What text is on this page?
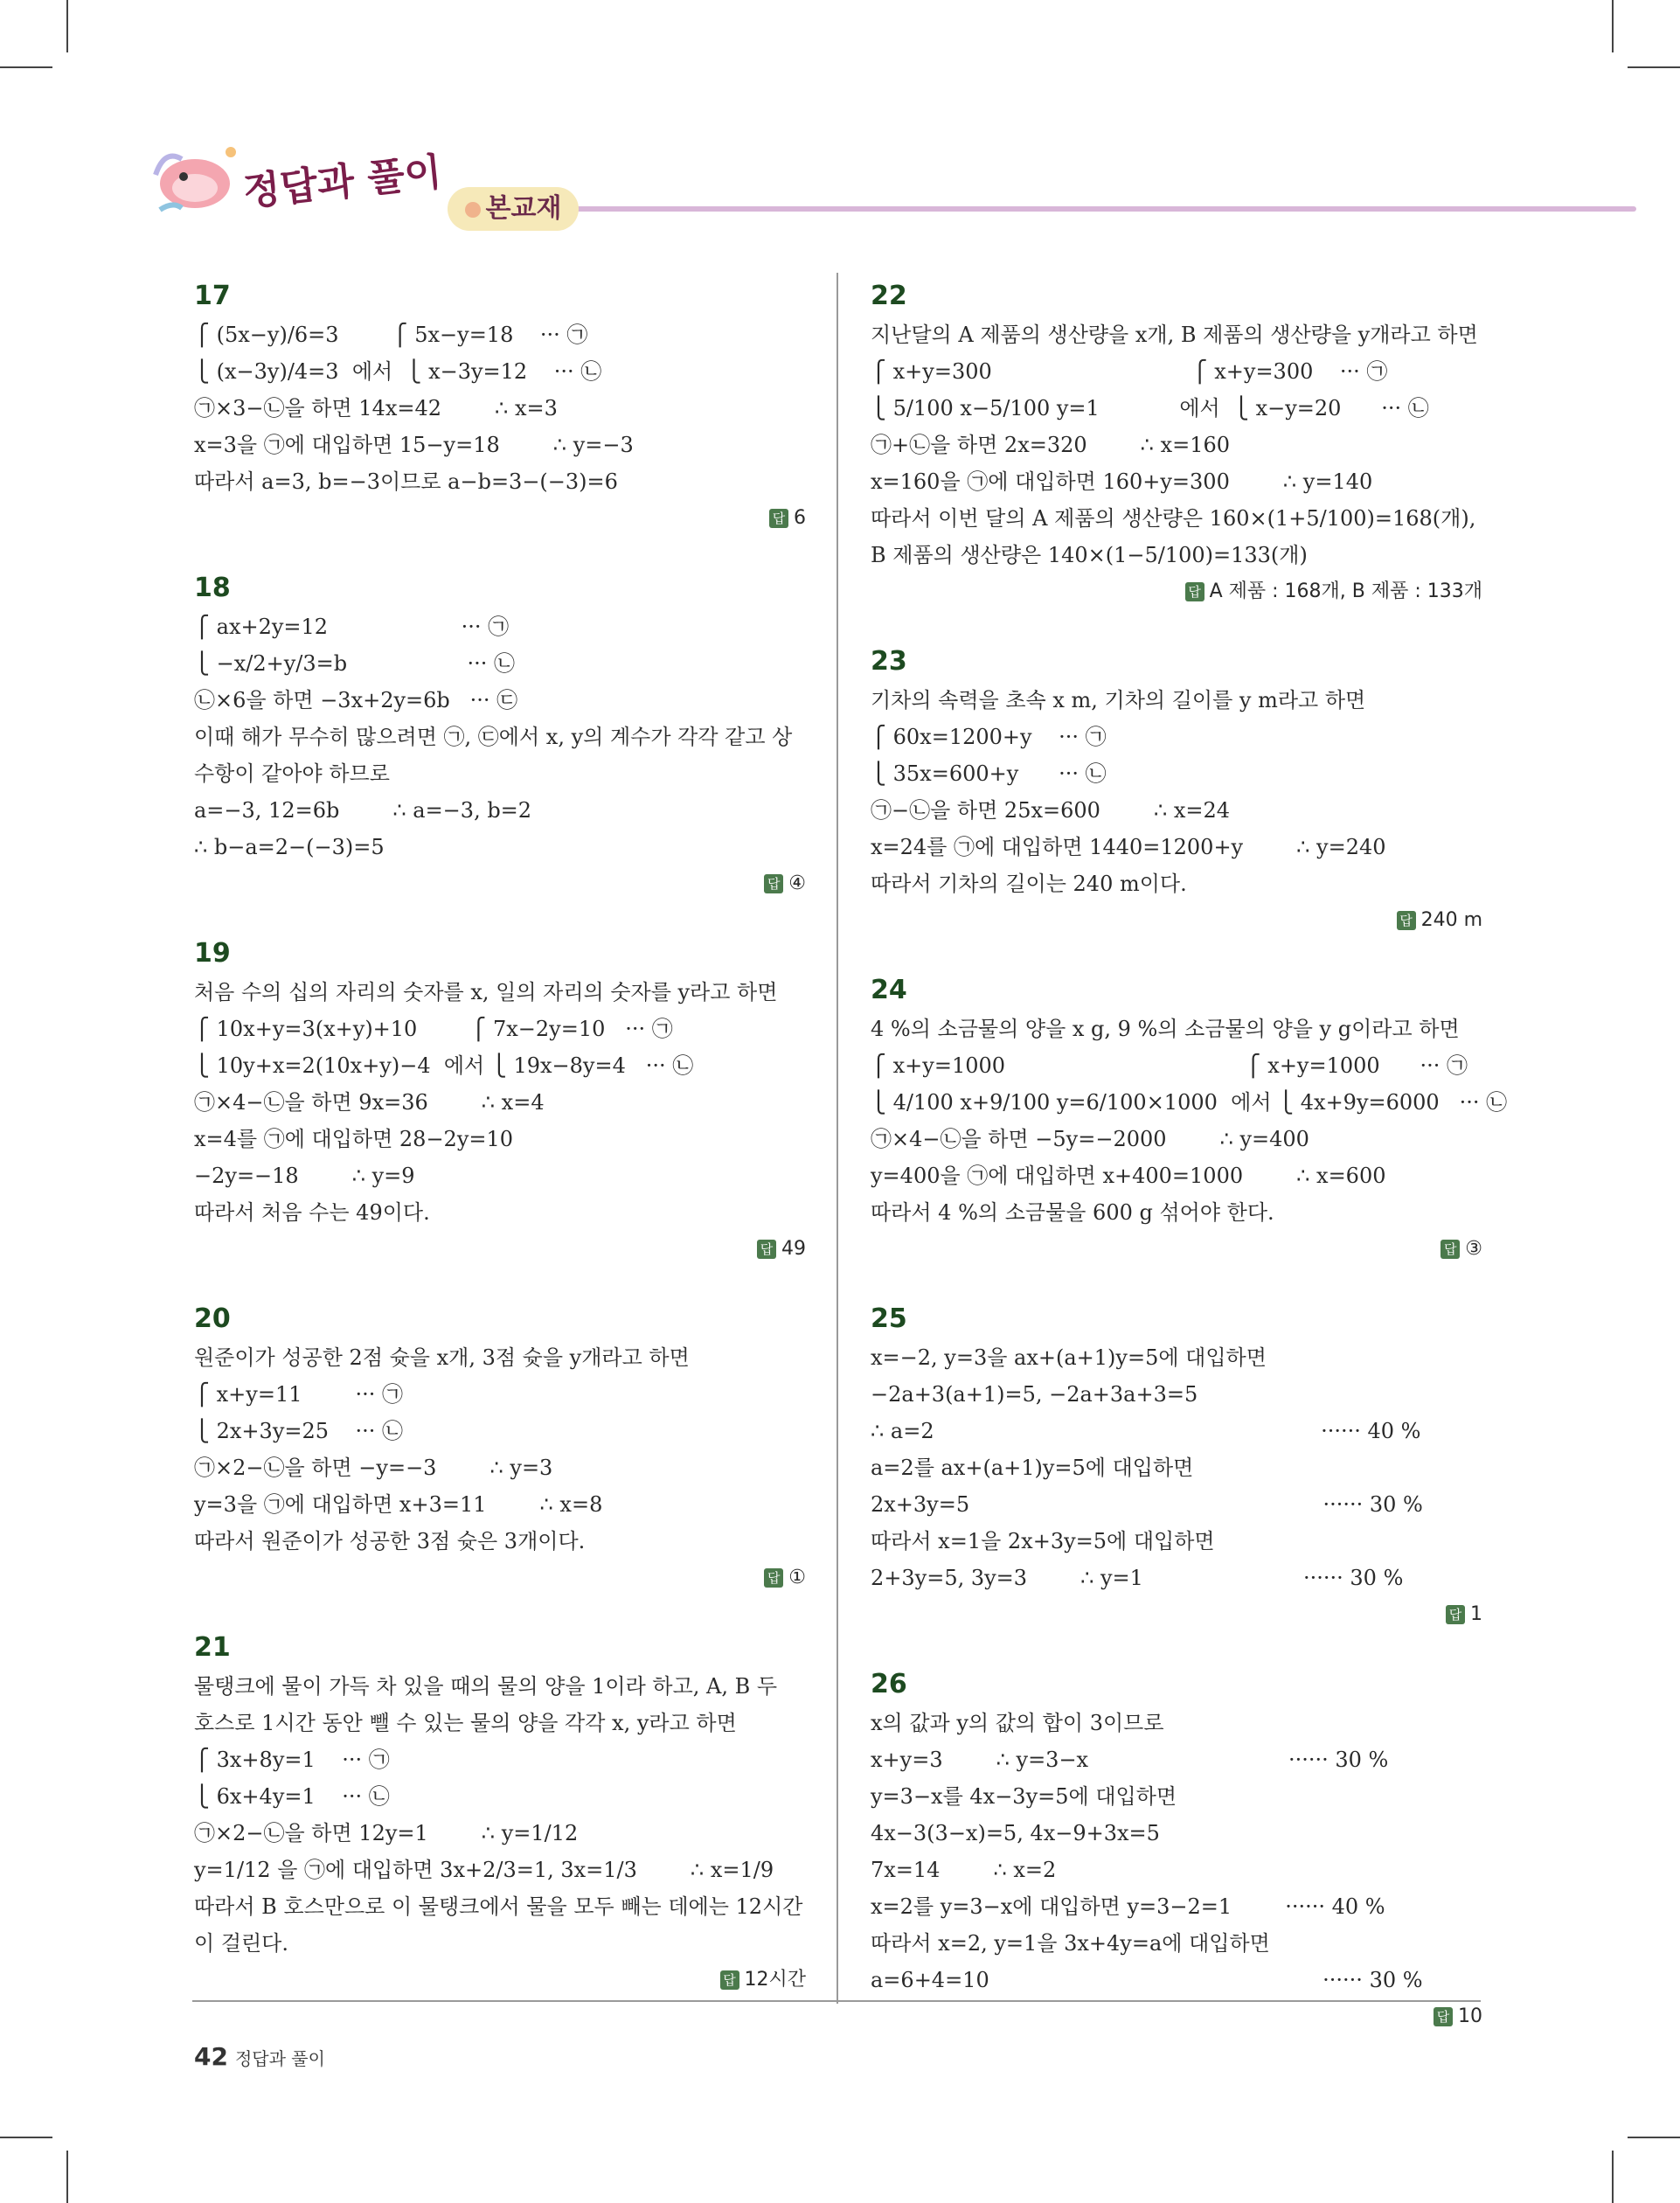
정답과 풀이	본교재
17
⎧ (5x−y)/6=3        ⎧ 5x−y=18    ··· ㉠
⎩ (x−3y)/4=3  에서  ⎩ x−3y=12    ··· ㉡
㉠×3−㉡을 하면 14x=42        ∴ x=3
x=3을 ㉠에 대입하면 15−y=18        ∴ y=−3
따라서 a=3, b=−3이므로 a−b=3−(−3)=6
답 6
18
⎧ ax+2y=12                    ··· ㉠
⎩ −x/2+y/3=b                  ··· ㉡
㉡×6을 하면 −3x+2y=6b   ··· ㉢
이때 해가 무수히 많으려면 ㉠, ㉢에서 x, y의 계수가 각각 같고 상
수항이 같아야 하므로
a=−3, 12=6b        ∴ a=−3, b=2
∴ b−a=2−(−3)=5
답 ④
19
처음 수의 십의 자리의 숫자를 x, 일의 자리의 숫자를 y라고 하면
⎧ 10x+y=3(x+y)+10        ⎧ 7x−2y=10   ··· ㉠
⎩ 10y+x=2(10x+y)−4  에서 ⎩ 19x−8y=4   ··· ㉡
㉠×4−㉡을 하면 9x=36        ∴ x=4
x=4를 ㉠에 대입하면 28−2y=10
−2y=−18        ∴ y=9
따라서 처음 수는 49이다.
답 49
20
원준이가 성공한 2점 슛을 x개, 3점 슛을 y개라고 하면
⎧ x+y=11        ··· ㉠
⎩ 2x+3y=25    ··· ㉡
㉠×2−㉡을 하면 −y=−3        ∴ y=3
y=3을 ㉠에 대입하면 x+3=11        ∴ x=8
따라서 원준이가 성공한 3점 슛은 3개이다.
답 ①
21
물탱크에 물이 가득 차 있을 때의 물의 양을 1이라 하고, A, B 두
호스로 1시간 동안 뺄 수 있는 물의 양을 각각 x, y라고 하면
⎧ 3x+8y=1    ··· ㉠
⎩ 6x+4y=1    ··· ㉡
㉠×2−㉡을 하면 12y=1        ∴ y=1/12
y=1/12 을 ㉠에 대입하면 3x+2/3=1, 3x=1/3        ∴ x=1/9
따라서 B 호스만으로 이 물탱크에서 물을 모두 빼는 데에는 12시간
이 걸린다.
답 12시간
22
지난달의 A 제품의 생산량을 x개, B 제품의 생산량을 y개라고 하면
⎧ x+y=300                              ⎧ x+y=300    ··· ㉠
⎩ 5/100 x−5/100 y=1            에서  ⎩ x−y=20      ··· ㉡
㉠+㉡을 하면 2x=320        ∴ x=160
x=160을 ㉠에 대입하면 160+y=300        ∴ y=140
따라서 이번 달의 A 제품의 생산량은 160×(1+5/100)=168(개),
B 제품의 생산량은 140×(1−5/100)=133(개)
답 A 제품 : 168개, B 제품 : 133개
23
기차의 속력을 초속 x m, 기차의 길이를 y m라고 하면
⎧ 60x=1200+y    ··· ㉠
⎩ 35x=600+y      ··· ㉡
㉠−㉡을 하면 25x=600        ∴ x=24
x=24를 ㉠에 대입하면 1440=1200+y        ∴ y=240
따라서 기차의 길이는 240 m이다.
답 240 m
24
4 %의 소금물의 양을 x g, 9 %의 소금물의 양을 y g이라고 하면
⎧ x+y=1000                                    ⎧ x+y=1000      ··· ㉠
⎩ 4/100 x+9/100 y=6/100×1000  에서 ⎩ 4x+9y=6000   ··· ㉡
㉠×4−㉡을 하면 −5y=−2000        ∴ y=400
y=400을 ㉠에 대입하면 x+400=1000        ∴ x=600
따라서 4 %의 소금물을 600 g 섞어야 한다.
답 ③
25
x=−2, y=3을 ax+(a+1)y=5에 대입하면
−2a+3(a+1)=5, −2a+3a+3=5
∴ a=2                                                          ······ 40 %
a=2를 ax+(a+1)y=5에 대입하면
2x+3y=5                                                     ······ 30 %
따라서 x=1을 2x+3y=5에 대입하면
2+3y=5, 3y=3        ∴ y=1                        ······ 30 %
답 1
26
x의 값과 y의 값의 합이 3이므로
x+y=3        ∴ y=3−x                              ······ 30 %
y=3−x를 4x−3y=5에 대입하면
4x−3(3−x)=5, 4x−9+3x=5
7x=14        ∴ x=2
x=2를 y=3−x에 대입하면 y=3−2=1        ······ 40 %
따라서 x=2, y=1을 3x+4y=a에 대입하면
a=6+4=10                                                  ······ 30 %
답 10
42 정답과 풀이
